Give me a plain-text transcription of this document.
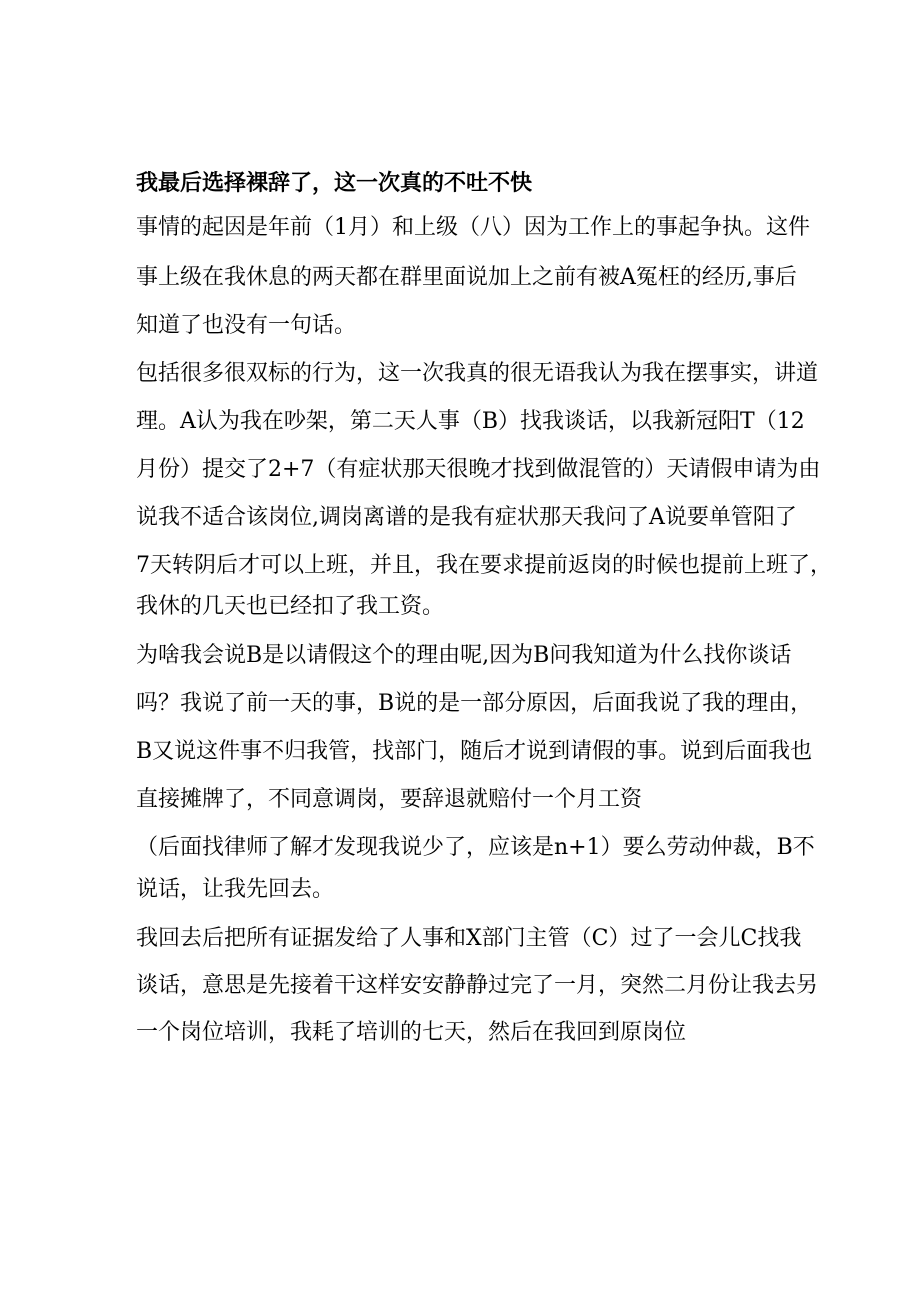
我最后选择裸辞了，这一次真的不吐不快
事情的起因是年前（1月）和上级（八）因为工作上的事起争执。这件
事上级在我休息的两天都在群里面说加上之前有被A冤枉的经历,事后
知道了也没有一句话。
包括很多很双标的行为，这一次我真的很无语我认为我在摆事实，讲道
理。A认为我在吵架，第二天人事（B）找我谈话，以我新冠阳T（12
月份）提交了2+7（有症状那天很晚才找到做混管的）天请假申请为由
说我不适合该岗位,调岗离谱的是我有症状那天我问了A说要单管阳了
7天转阴后才可以上班，并且，我在要求提前返岗的时候也提前上班了，
我休的几天也已经扣了我工资。
为啥我会说B是以请假这个的理由呢,因为B问我知道为什么找你谈话
吗？我说了前一天的事，B说的是一部分原因，后面我说了我的理由，
B又说这件事不归我管，找部门，随后才说到请假的事。说到后面我也
直接摊牌了，不同意调岗，要辞退就赔付一个月工资
（后面找律师了解才发现我说少了，应该是n+1）要么劳动仲裁，B不
说话，让我先回去。
我回去后把所有证据发给了人事和X部门主管（C）过了一会儿C找我
谈话，意思是先接着干这样安安静静过完了一月，突然二月份让我去另
一个岗位培训，我耗了培训的七天，然后在我回到原岗位
